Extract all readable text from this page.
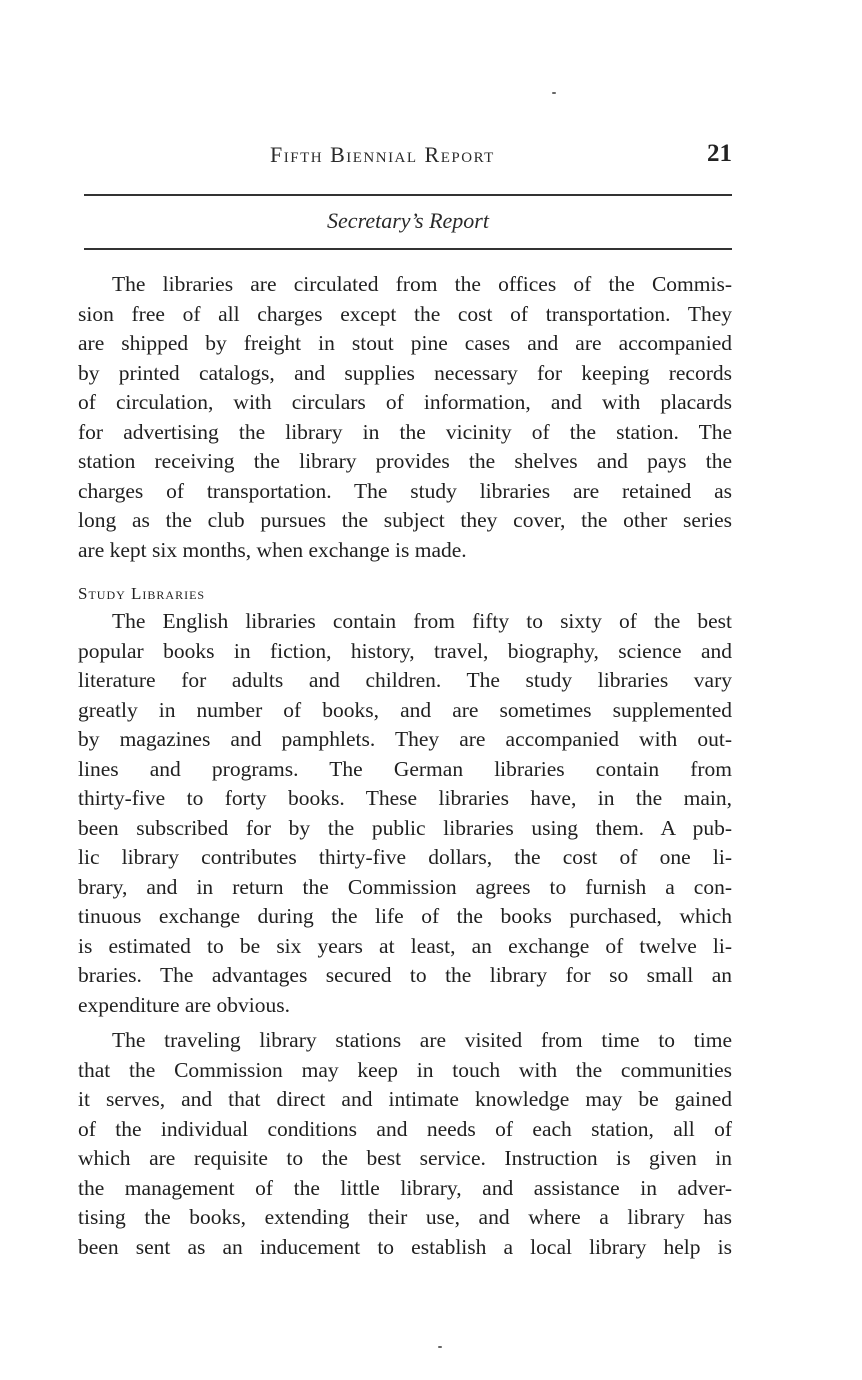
Fifth Biennial Report	21
Secretary’s Report
The libraries are circulated from the offices of the Commis-
sion free of all charges except the cost of transportation. They
are shipped by freight in stout pine cases and are accompanied
by printed catalogs, and supplies necessary for keeping records
of circulation, with circulars of information, and with placards
for advertising the library in the vicinity of the station. The
station receiving the library provides the shelves and pays the
charges of transportation. The study libraries are retained as
long as the club pursues the subject they cover, the other series
are kept six months, when exchange is made.
Study Libraries
The English libraries contain from fifty to sixty of the best
popular books in fiction, history, travel, biography, science and
literature for adults and children. The study libraries vary
greatly in number of books, and are sometimes supplemented
by magazines and pamphlets. They are accompanied with out-
lines and programs. The German libraries contain from
thirty-five to forty books. These libraries have, in the main,
been subscribed for by the public libraries using them. A pub-
lic library contributes thirty-five dollars, the cost of one li-
brary, and in return the Commission agrees to furnish a con-
tinuous exchange during the life of the books purchased, which
is estimated to be six years at least, an exchange of twelve li-
braries. The advantages secured to the library for so small an
expenditure are obvious.
The traveling library stations are visited from time to time
that the Commission may keep in touch with the communities
it serves, and that direct and intimate knowledge may be gained
of the individual conditions and needs of each station, all of
which are requisite to the best service. Instruction is given in
the management of the little library, and assistance in adver-
tising the books, extending their use, and where a library has
been sent as an inducement to establish a local library help is
